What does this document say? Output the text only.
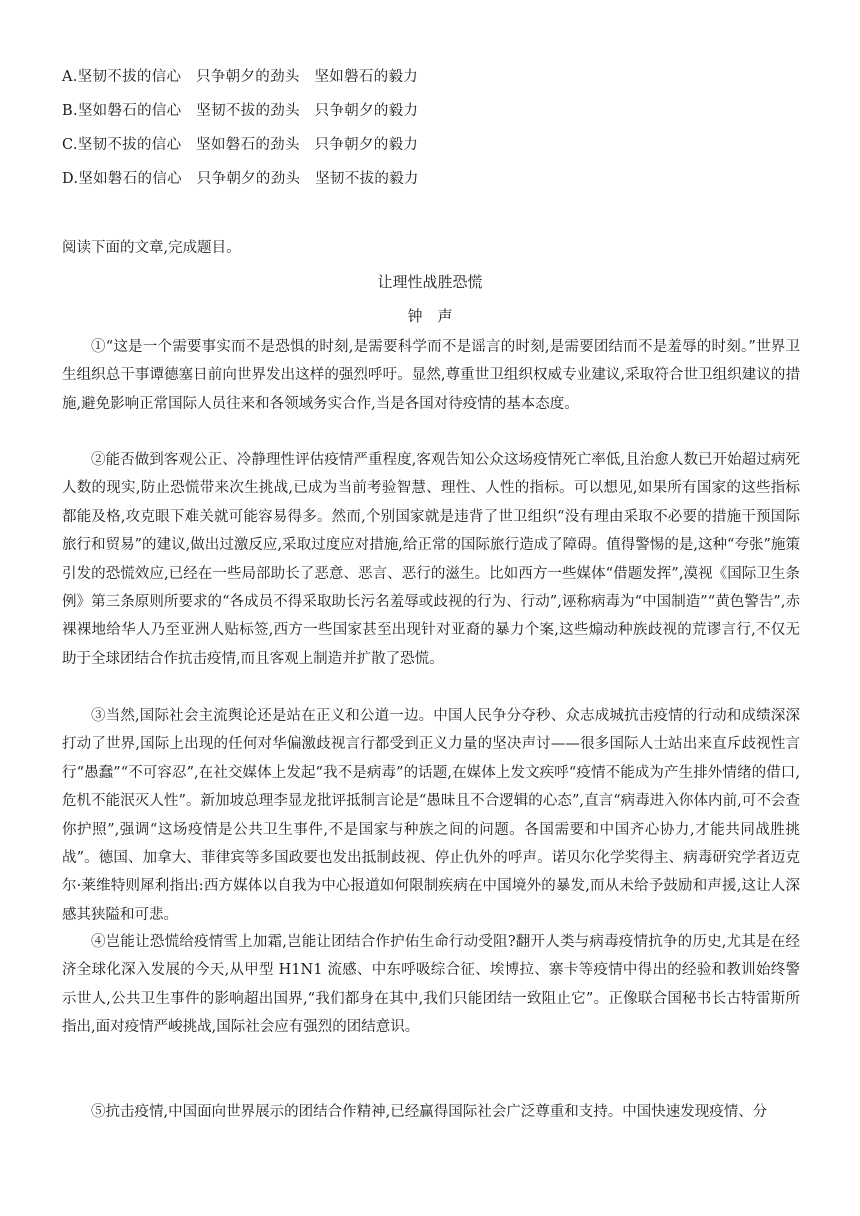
A.坚韧不拔的信心　只争朝夕的劲头　坚如磐石的毅力
B.坚如磐石的信心　坚韧不拔的劲头　只争朝夕的毅力
C.坚韧不拔的信心　坚如磐石的劲头　只争朝夕的毅力
D.坚如磐石的信心　只争朝夕的劲头　坚韧不拔的毅力
阅读下面的文章,完成题目。
让理性战胜恐慌
钟　声

①“这是一个需要事实而不是恐惧的时刻,是需要科学而不是谣言的时刻,是需要团结而不是羞辱的时刻。”世界卫生组织总干事谭德塞日前向世界发出这样的强烈呼吁。显然,尊重世卫组织权威专业建议,采取符合世卫组织建议的措施,避免影响正常国际人员往来和各领域务实合作,当是各国对待疫情的基本态度。

②能否做到客观公正、冷静理性评估疫情严重程度,客观告知公众这场疫情死亡率低,且治愈人数已开始超过病死人数的现实,防止恐慌带来次生挑战,已成为当前考验智慧、理性、人性的指标。可以想见,如果所有国家的这些指标都能及格,攻克眼下难关就可能容易得多。然而,个别国家就是违背了世卫组织“没有理由采取不必要的措施干预国际旅行和贸易”的建议,做出过激反应,采取过度应对措施,给正常的国际旅行造成了障碍。值得警惕的是,这种“夸张”施策引发的恐慌效应,已经在一些局部助长了恶意、恶言、恶行的滋生。比如西方一些媒体“借题发挥”,漠视《国际卫生条例》第三条原则所要求的“各成员不得采取助长污名羞辱或歧视的行为、行动”,诬称病毒为“中国制造”“黄色警告”,赤裸裸地给华人乃至亚洲人贴标签,西方一些国家甚至出现针对亚裔的暴力个案,这些煽动种族歧视的荒谬言行,不仅无助于全球团结合作抗击疫情,而且客观上制造并扩散了恐慌。

③当然,国际社会主流舆论还是站在正义和公道一边。中国人民争分夺秒、众志成城抗击疫情的行动和成绩深深打动了世界,国际上出现的任何对华偏激歧视言行都受到正义力量的坚决声讨——很多国际人士站出来直斥歧视性言行“愚蠢”“不可容忍”,在社交媒体上发起“我不是病毒”的话题,在媒体上发文疾呼“疫情不能成为产生排外情绪的借口,危机不能泯灭人性”。新加坡总理李显龙批评抵制言论是“愚昧且不合逻辑的心态”,直言“病毒进入你体内前,可不会查你护照”,强调“这场疫情是公共卫生事件,不是国家与种族之间的问题。各国需要和中国齐心协力,才能共同战胜挑战”。德国、加拿大、菲律宾等多国政要也发出抵制歧视、停止仇外的呼声。诺贝尔化学奖得主、病毒研究学者迈克尔·莱维特则犀利指出:西方媒体以自我为中心报道如何限制疾病在中国境外的暴发,而从未给予鼓励和声援,这让人深感其狭隘和可悲。

④岂能让恐慌给疫情雪上加霜,岂能让团结合作护佑生命行动受阻?翻开人类与病毒疫情抗争的历史,尤其是在经济全球化深入发展的今天,从甲型 H1N1 流感、中东呼吸综合征、埃博拉、寨卡等疫情中得出的经验和教训始终警示世人,公共卫生事件的影响超出国界,“我们都身在其中,我们只能团结一致阻止它”。正像联合国秘书长古特雷斯所指出,面对疫情严峻挑战,国际社会应有强烈的团结意识。

⑤抗击疫情,中国面向世界展示的团结合作精神,已经赢得国际社会广泛尊重和支持。中国快速发现疫情、分
